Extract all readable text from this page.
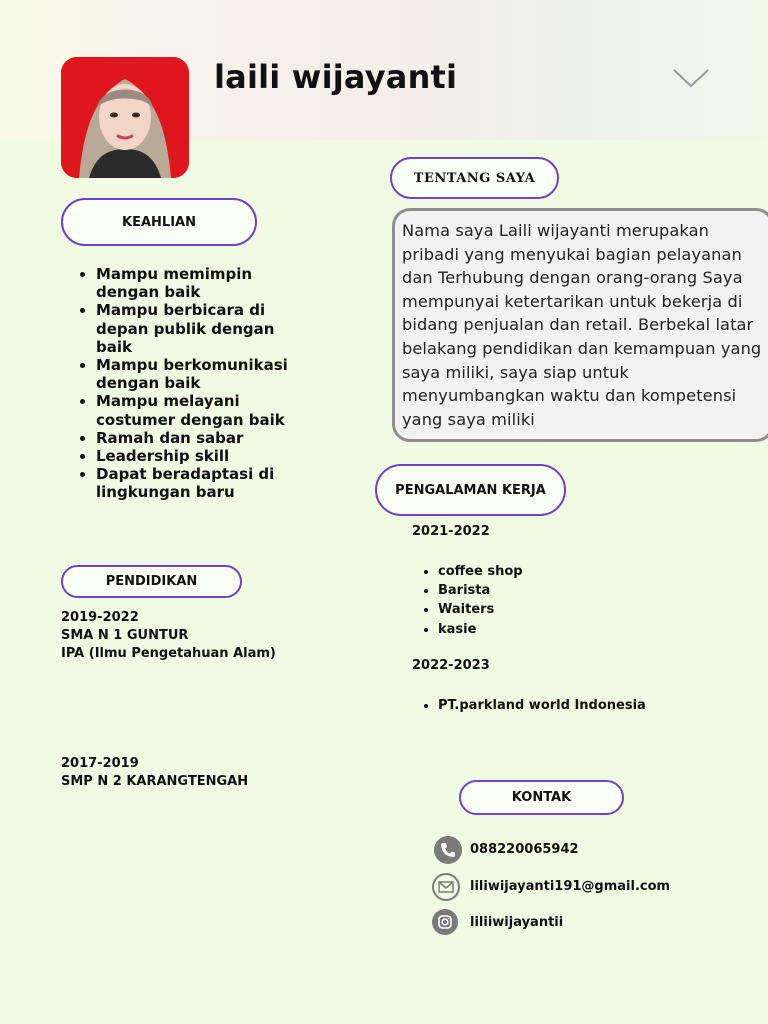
laili wijayanti
KEAHLIAN
• Mampu memimpin dengan baik
• Mampu berbicara di depan publik dengan baik
• Mampu berkomunikasi dengan baik
• Mampu melayani costumer dengan baik
• Ramah dan sabar
• Leadership skill
• Dapat beradaptasi di lingkungan baru
PENDIDIKAN
2019-2022
SMA N 1 GUNTUR
IPA (Ilmu Pengetahuan Alam)
2017-2019
SMP N 2 KARANGTENGAH
TENTANG SAYA
Nama saya Laili wijayanti merupakan pribadi yang menyukai bagian pelayanan dan Terhubung dengan orang-orang Saya mempunyai ketertarikan untuk bekerja di bidang penjualan dan retail. Berbekal latar belakang pendidikan dan kemampuan yang saya miliki, saya siap untuk menyumbangkan waktu dan kompetensi yang saya miliki
PENGALAMAN KERJA
2021-2022
• coffee shop
• Barista
• Waiters
• kasie
2022-2023
• PT.parkland world Indonesia
KONTAK
088220065942
liliwijayanti191@gmail.com
liliiwijayantii
